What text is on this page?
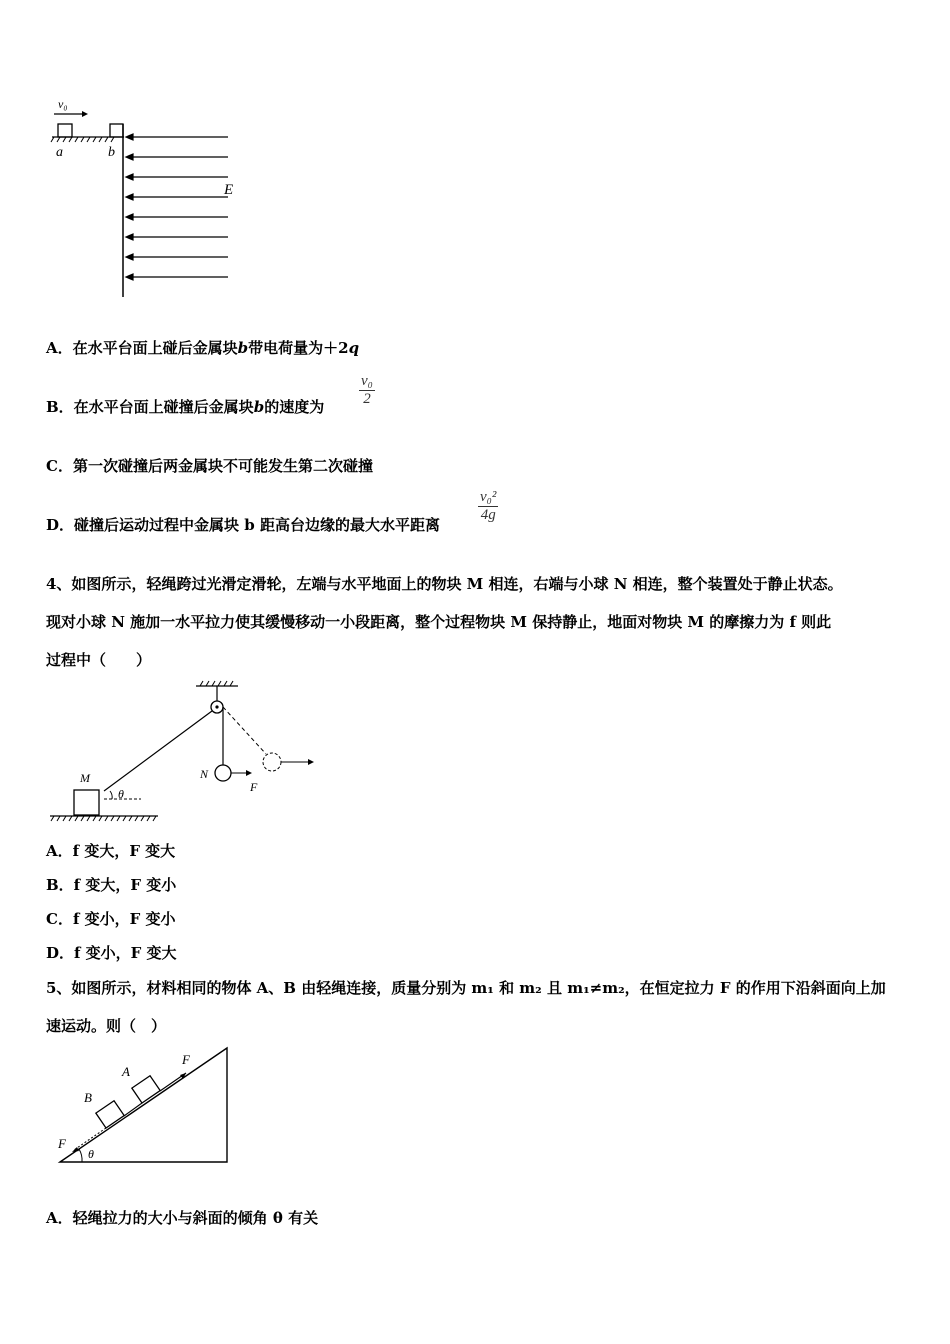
v₀
a	b
E
A．在水平台面上碰后金属块b带电荷量为＋2q
B．在水平台面上碰撞后金属块b的速度为 $\frac{\text{v₀}}{2}$
C．第一次碰撞后两金属块不可能发生第二次碰撞
D．碰撞后运动过程中金属块 b 距高台边缘的最大水平距离
$\frac{\text{v₀²}}{4g}$
4、如图所示，轻绳跨过光滑定滑轮，左端与水平地面上的物块 M 相连，右端与小球 N 相连，整个装置处于静止状态。
现对小球 N 施加一水平拉力使其缓慢移动一小段距离，整个过程物块 M 保持静止，地面对物块 M 的摩擦力为 f 则此
过程中（　　）
M
θ
N
F
A．f 变大，F 变大
B．f 变大，F 变小
C．f 变小，F 变小
D．f 变小，F 变大
5、如图所示，材料相同的物体 A、B 由轻绳连接，质量分别为 m₁ 和 m₂ 且 m₁≠m₂，在恒定拉力 F 的作用下沿斜面向上加
速运动。则（　）
A
B
F
F
θ
A．轻绳拉力的大小与斜面的倾角 θ 有关
